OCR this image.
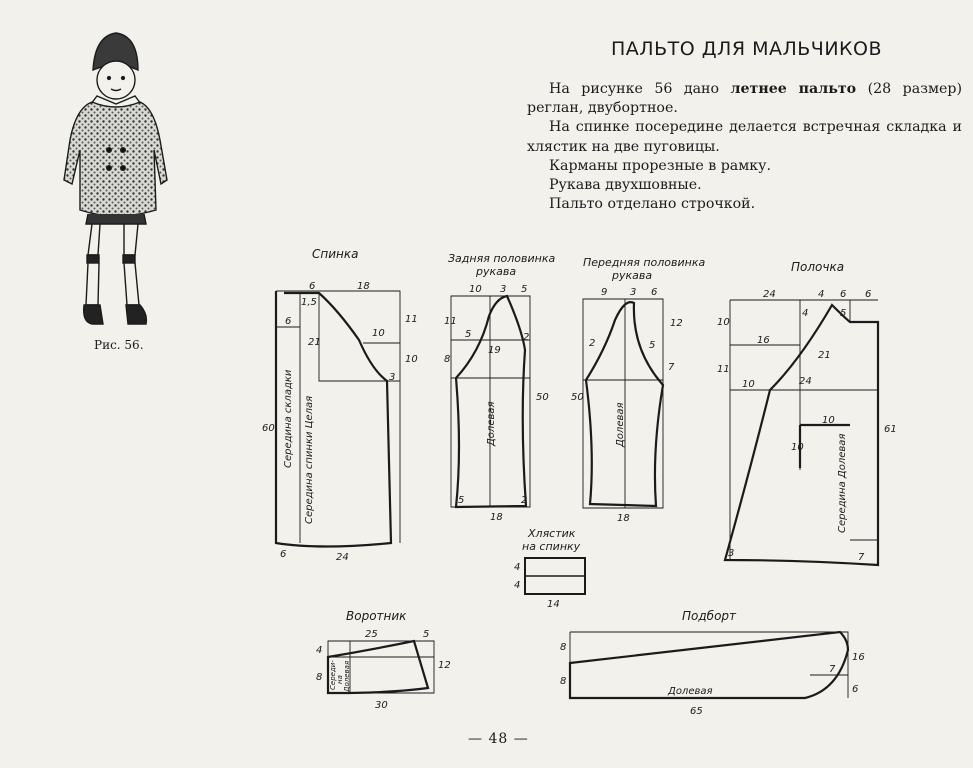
ПАЛЬТО ДЛЯ МАЛЬЧИКОВ

На рисунке 56 дано летнее пальто (28 размер) реглан, двубортное.

На спинке посередине делается встречная складка и хлястик на две пуговицы.

Карманы прорезные в рамку.

Рукава двухшовные.

Пальто отделано строчкой.

Рис. 56.
— 48 —
Спинка
6	18
1,5
6
21
10
11
10
3
60
6	24
Середина складки Середина спинки Целая
Задняя половинка
рукава
10 3 5
11
5
8
19
2
50
5	2
18
Долевая
Передняя половинка
рукава
9 3 6
12
2	5
7
50
18
Долевая
Полочка
24	4 6 6
4	5
10
16
21
11
10	24
10
10
61
3	7
Середина Долевая
Хлястик
на спинку
4
4
14
Воротник
25	5
4
8
12
30
Середи- на Долевая
Подборт
8
8
16
7
6
65
Долевая
